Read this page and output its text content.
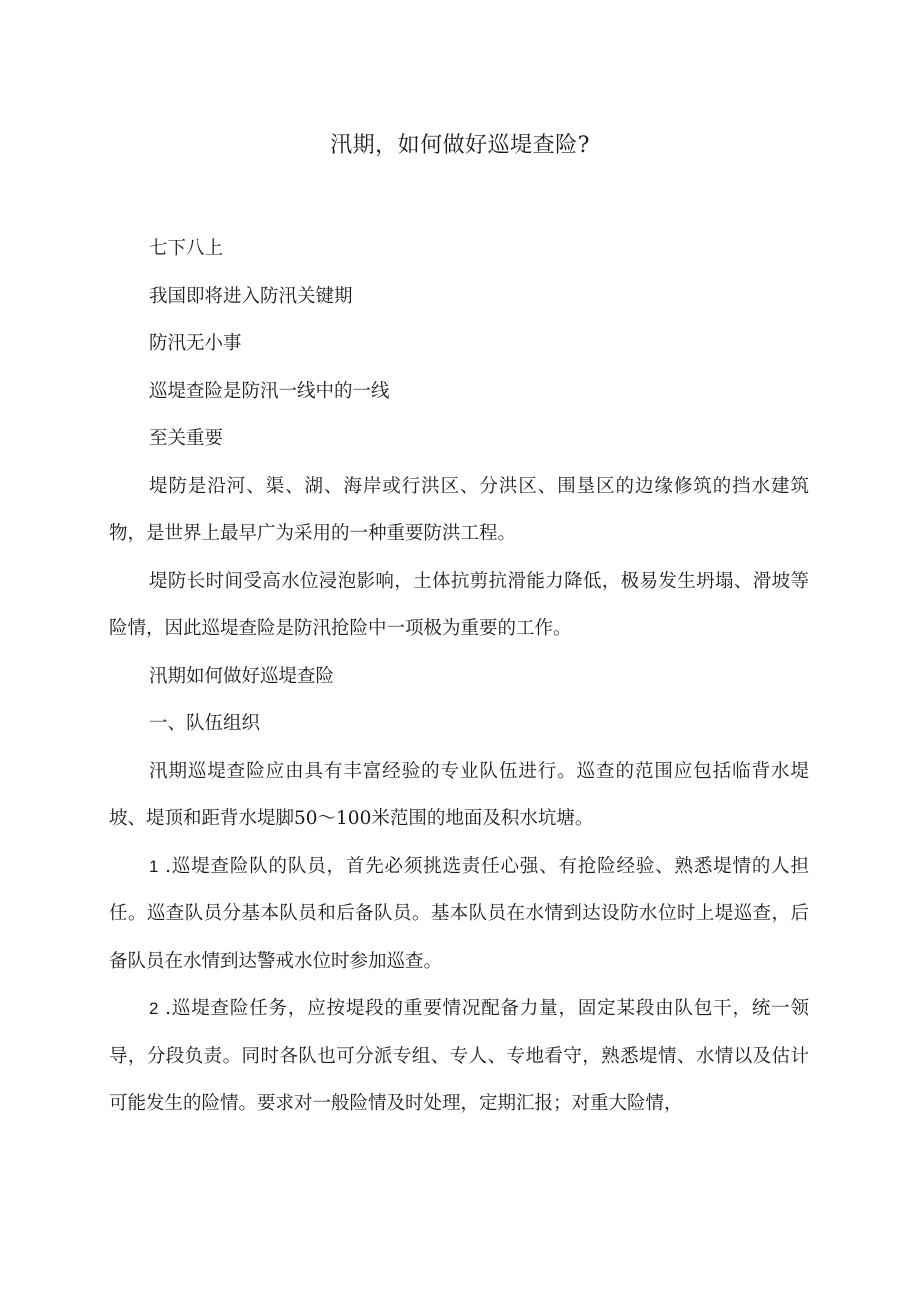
汛期，如何做好巡堤查险?

七下八上

我国即将进入防汛关键期

防汛无小事

巡堤查险是防汛一线中的一线

至关重要

堤防是沿河、渠、湖、海岸或行洪区、分洪区、围垦区的边缘修筑的挡水建筑物，是世界上最早广为采用的一种重要防洪工程。

堤防长时间受高水位浸泡影响，土体抗剪抗滑能力降低，极易发生坍塌、滑坡等险情，因此巡堤查险是防汛抢险中一项极为重要的工作。

汛期如何做好巡堤查险

一、队伍组织

汛期巡堤查险应由具有丰富经验的专业队伍进行。巡查的范围应包括临背水堤坡、堤顶和距背水堤脚50～100米范围的地面及积水坑塘。

1 .巡堤查险队的队员，首先必须挑选责任心强、有抢险经验、熟悉堤情的人担任。巡查队员分基本队员和后备队员。基本队员在水情到达设防水位时上堤巡查，后备队员在水情到达警戒水位时参加巡查。

2 .巡堤查险任务，应按堤段的重要情况配备力量，固定某段由队包干，统一领导，分段负责。同时各队也可分派专组、专人、专地看守，熟悉堤情、水情以及估计可能发生的险情。要求对一般险情及时处理，定期汇报；对重大险情，
